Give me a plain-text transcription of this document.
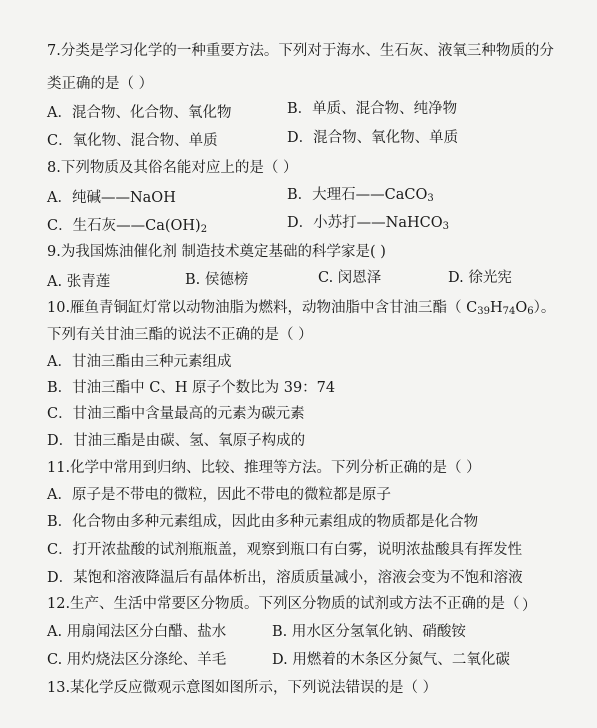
7.分类是学习化学的一种重要方法。下列对于海水、生石灰、液氧三种物质的分
类正确的是（ ）
A．混合物、化合物、氧化物	B．单质、混合物、纯净物
C．氧化物、混合物、单质	D．混合物、氧化物、单质
8.下列物质及其俗名能对应上的是（ ）
A．纯碱——NaOH	B．大理石——CaCO$_3$
C．生石灰$——Ca(OH)_2$	D．小苏打——NaHCO$_3$
9.为我国炼油催化剂 制造技术奠定基础的科学家是( )
A. 张青莲	B. 侯德榜	C. 闵恩泽	D. 徐光宪
10.雁鱼青铜缸灯常以动物油脂为燃料，动物油脂中含甘油三酯（ $C_{39}H_{74}O_6$）。
下列有关甘油三酯的说法不正确的是（ ）
A．甘油三酯由三种元素组成
B．甘油三酯中 C、H 原子个数比为 39：74
C．甘油三酯中含量最高的元素为碳元素
D．甘油三酯是由碳、氢、氧原子构成的
11.化学中常用到归纳、比较、推理等方法。下列分析正确的是（ ）
A．原子是不带电的微粒，因此不带电的微粒都是原子
B．化合物由多种元素组成，因此由多种元素组成的物质都是化合物
C．打开浓盐酸的试剂瓶瓶盖，观察到瓶口有白雾，说明浓盐酸具有挥发性
D．某饱和溶液降温后有晶体析出，溶质质量减小，溶液会变为不饱和溶液
12.生产、生活中常要区分物质。下列区分物质的试剂或方法不正确的是（ ）
A. 用扇闻法区分白醋、盐水	B. 用水区分氢氧化钠、硝酸铵
C. 用灼烧法区分涤纶、羊毛	D. 用燃着的木条区分氮气、二氧化碳
13.某化学反应微观示意图如图所示，下列说法错误的是（ ）
